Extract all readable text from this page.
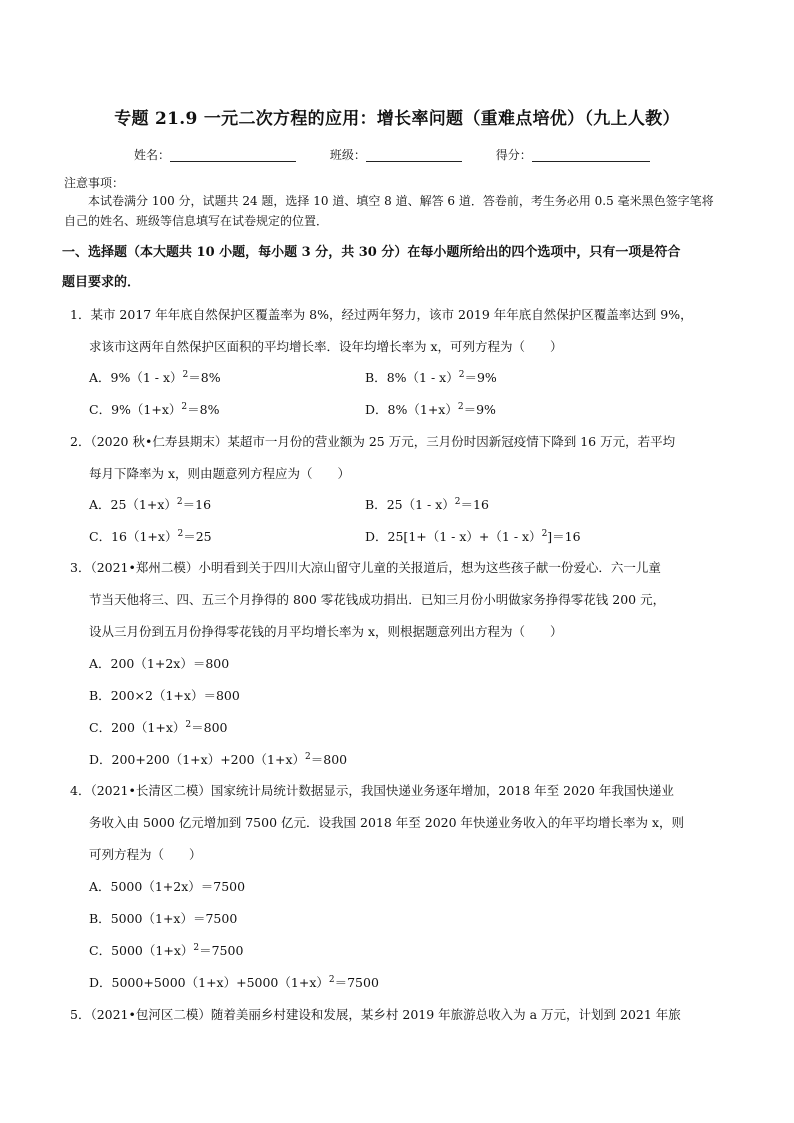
专题 21.9 一元二次方程的应用：增长率问题（重难点培优）（九上人教）
姓名：	班级：	得分：
注意事项：
本试卷满分 100 分，试题共 24 题，选择 10 道、填空 8 道、解答 6 道．答卷前，考生务必用 0.5 毫米黑色签字笔将自己的姓名、班级等信息填写在试卷规定的位置．
一、选择题（本大题共 10 小题，每小题 3 分，共 30 分）在每小题所给出的四个选项中，只有一项是符合
题目要求的．
1．某市 2017 年年底自然保护区覆盖率为 8%，经过两年努力，该市 2019 年年底自然保护区覆盖率达到 9%，
求该市这两年自然保护区面积的平均增长率．设年均增长率为 x，可列方程为（　　）
A．9%（1 - x）$^2$＝8%	B．8%（1 - x）$^2$＝9%
C．$9\%(1+x)^2=8\%$	D．$8\%(1+x)^2=9\%$
2．（2020 秋•仁寿县期末）某超市一月份的营业额为 25 万元，三月份时因新冠疫情下降到 16 万元，若平均
每月下降率为 x，则由题意列方程应为（　　）
A．$25(1+x)^2=16$	B．25（1 - x）$^2$＝16
C．$16(1+x)^2=25$	D．25[1+（1 - x）+（1 - x）$^2$]＝16
3．（2021•郑州二模）小明看到关于四川大凉山留守儿童的关报道后，想为这些孩子献一份爱心．六一儿童
节当天他将三、四、五三个月挣得的 800 零花钱成功捐出．已知三月份小明做家务挣得零花钱 200 元，
设从三月份到五月份挣得零花钱的月平均增长率为 x，则根据题意列出方程为（　　）
A．200（1+2x）＝800
B．200×2（1+x）＝800
C．$200(1+x)^2=800$
D．$200+200(1+x)+200(1+x)^2=800$
4．（2021•长清区二模）国家统计局统计数据显示，我国快递业务逐年增加，2018 年至 2020 年我国快递业
务收入由 5000 亿元增加到 7500 亿元．设我国 2018 年至 2020 年快递业务收入的年平均增长率为 x，则
可列方程为（　　）
A．5000（1+2x）＝7500
B．5000（1+x）＝7500
C．$5000(1+x)^2=7500$
D．$5000+5000(1+x)+5000(1+x)^2=7500$
5．（2021•包河区二模）随着美丽乡村建设和发展，某乡村 2019 年旅游总收入为 a 万元，计划到 2021 年旅
